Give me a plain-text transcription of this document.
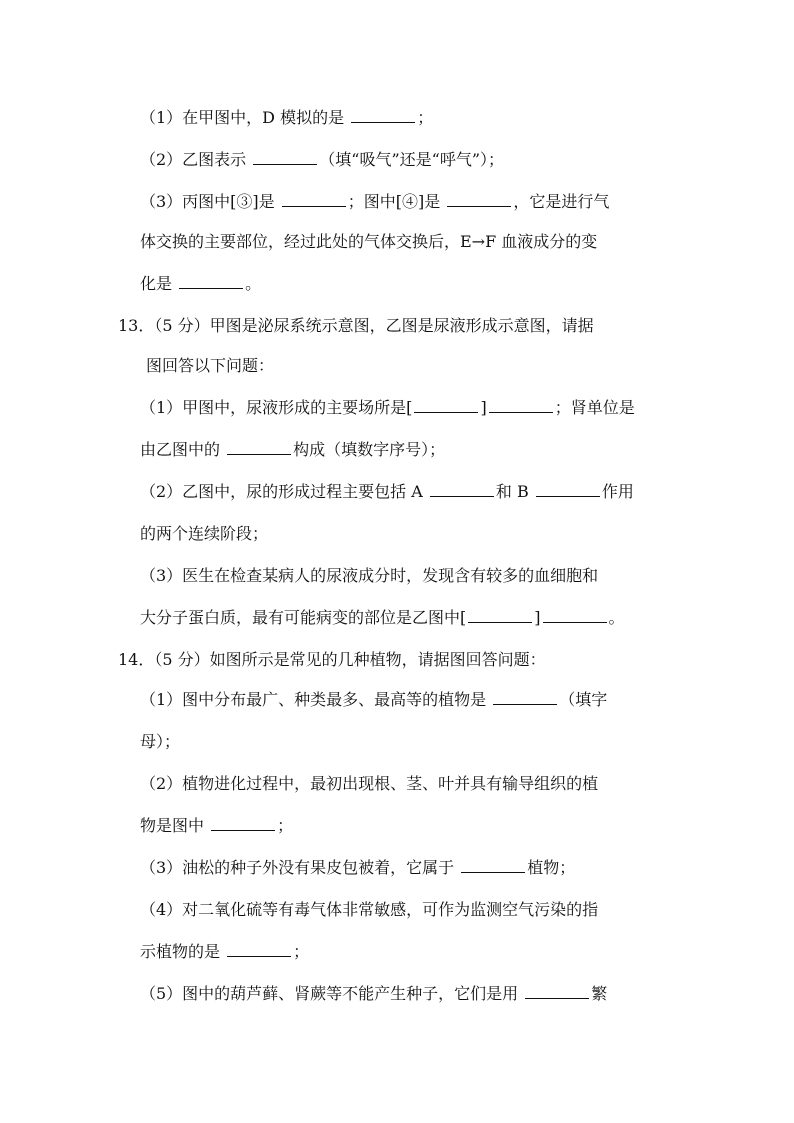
（1）在甲图中，D 模拟的是	；
（2）乙图表示	（填“吸气”还是“呼气”）；
（3）丙图中[③]是	；图中[④]是	，它是进行气
体交换的主要部位，经过此处的气体交换后，E→F 血液成分的变
化是	。
13．（5 分）甲图是泌尿系统示意图，乙图是尿液形成示意图，请据
图回答以下问题：
（1）甲图中，尿液形成的主要场所是[	]	；肾单位是
由乙图中的	构成（填数字序号）；
（2）乙图中，尿的形成过程主要包括 A	和 B	作用
的两个连续阶段；
（3）医生在检查某病人的尿液成分时，发现含有较多的血细胞和
大分子蛋白质，最有可能病变的部位是乙图中[	]	。
14．（5 分）如图所示是常见的几种植物，请据图回答问题：
（1）图中分布最广、种类最多、最高等的植物是	（填字
母）；
（2）植物进化过程中，最初出现根、茎、叶并具有输导组织的植
物是图中	；
（3）油松的种子外没有果皮包被着，它属于	植物；
（4）对二氧化硫等有毒气体非常敏感，可作为监测空气污染的指
示植物的是	；
（5）图中的葫芦藓、肾蕨等不能产生种子，它们是用	繁
